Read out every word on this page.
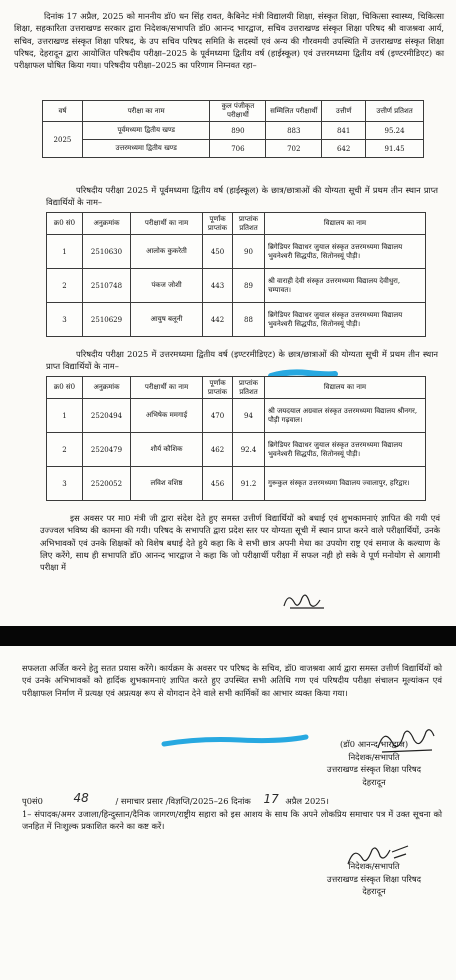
दिनांक 17 अप्रैल, 2025 को माननीय डॉ0 धन सिंह रावत, कैबिनेट मंत्री विद्यालयी शिक्षा, संस्कृत शिक्षा, चिकित्सा स्वास्थ्य, चिकित्सा शिक्षा, सहकारिता उत्तराखण्ड सरकार द्वारा निदेशक/सभापति डॉ0 आनन्द भारद्वाज, सचिव उत्तराखण्ड संस्कृत शिक्षा परिषद श्री वाजश्रवा आर्य, सचिव, उत्तराखण्ड संस्कृत शिक्षा परिषद, के उप सचिव परिषद समिति के सदस्यों एवं अन्य की गौरवमयी उपस्थिति में उत्तराखण्ड संस्कृत शिक्षा परिषद, देहरादून द्वारा आयोजित परिषदीय परीक्षा–2025 के पूर्वमध्यमा द्वितीय वर्ष (हाईस्कूल) एवं उत्तरमध्यमा द्वितीय वर्ष (इण्टरमीडिएट) का परीक्षाफल घोषित किया गया। परिषदीय परीक्षा–2025 का परिणाम निम्नवत रहा–

वर्ष	परीक्षा का नाम	कुल पंजीकृत परीक्षार्थी	सम्मिलित परीक्षार्थी	उत्तीर्ण	उत्तीर्ण प्रतिशत
2025	पूर्वमध्यमा द्वितीय खण्ड	890	883	841	95.24
	उत्तरमध्यमा द्वितीय खण्ड	706	702	642	91.45

परिषदीय परीक्षा 2025 में पूर्वमध्यमा द्वितीय वर्ष (हाईस्कूल) के छात्र/छात्राओं की योग्यता सूची में प्रथम तीन स्थान प्राप्त विद्यार्थियों के नाम–

क्र0 सं0	अनुक्रमांक	परीक्षार्थी का नाम	पूर्णांक प्राप्तांक	प्राप्तांक प्रतिशत	विद्यालय का नाम
1	2510630	आलोक कुकरेती	450	90	ब्रिगेडियर विद्याधर जुयाल संस्कृत उत्तरमध्यमा विद्यालय भुवनेश्वरी सिद्धपीठ, सितोनस्यूं पौड़ी।
2	2510748	पंकज जोशी	443	89	श्री वाराही देवी संस्कृत उत्तरमध्यमा विद्यालय देवीधुरा, चम्पावत।
3	2510629	आयुष बलूनी	442	88	ब्रिगेडियर विद्याधर जुयाल संस्कृत उत्तरमध्यमा विद्यालय भुवनेश्वरी सिद्धपीठ, सितोनस्यूं पौड़ी।

परिषदीय परीक्षा 2025 में उत्तरमध्यमा द्वितीय वर्ष (इण्टरमीडिएट) के छात्र/छात्राओं की योग्यता सूची में प्रथम तीन स्थान प्राप्त विद्यार्थियों के नाम–

क्र0 सं0	अनुक्रमांक	परीक्षार्थी का नाम	पूर्णांक प्राप्तांक	प्राप्तांक प्रतिशत	विद्यालय का नाम
1	2520494	अभिषेक ममगाई	470	94	श्री जयदयाल अग्रवाल संस्कृत उत्तरमध्यमा विद्यालय श्रीनगर, पौड़ी गढ़वाल।
2	2520479	शौर्य कौशिक	462	92.4	ब्रिगेडियर विद्याधर जुयाल संस्कृत उत्तरमध्यमा विद्यालय भुवनेश्वरी सिद्धपीठ, सितोनस्यूं पौड़ी।
3	2520052	लविश वशिष्ठ	456	91.2	गुरूकुल संस्कृत उत्तरमध्यमा विद्यालय ज्वालापुर, हरिद्वार।

इस अवसर पर मा0 मंत्री जी द्वारा संदेश देते हुए समस्त उत्तीर्ण विद्यार्थियों को बधाई एवं शुभकामनाएं ज्ञापित की गयी एवं उज्ज्वल भविष्य की कामना की गयी। परिषद के सभापति द्वारा प्रदेश स्तर पर योग्यता सूची में स्थान प्राप्त करने वाले परीक्षार्थियों, उनके अभिभावकों एवं उनके शिक्षकों को विशेष बधाई देते हुये कहा कि वे सभी छात्र अपनी मेधा का उपयोग राष्ट्र एवं समाज के कल्याण के लिए करेंगे, साथ ही सभापति डॉ0 आनन्द भारद्वाज ने कहा कि जो परीक्षार्थी परीक्षा में सफल नही हो सके वे पूर्ण मनोयोग से आगामी परीक्षा में

सफलता अर्जित करने हेतु सतत प्रयास करेंगे। कार्यक्रम के अवसर पर परिषद के सचिव, डॉ0 वाजश्रवा आर्य द्वारा समस्त उत्तीर्ण विद्यार्थियों को एवं उनके अभिभावकों को हार्दिक शुभकामनाएं ज्ञापित करते हुए उपस्थित सभी अतिथि गण एवं परिषदीय परीक्षा संचालन मूल्यांकन एवं परीक्षाफल निर्माण में प्रत्यक्ष एवं अप्रत्यक्ष रूप से योगदान देने वाले सभी कार्मिकों का आभार व्यक्त किया गया।

(डॉ0 आनन्द भारद्वाज)
निदेशक/सभापति
उत्तराखण्ड संस्कृत शिक्षा परिषद
देहरादून
पृ0सं0	48	/ समाचार प्रसार /विज्ञप्ति/2025–26 दिनांक 17 अप्रैल 2025।

1– संपादक/अमर उजाला/हिन्दुस्तान/दैनिक जागरण/राष्ट्रीय सहारा को इस आशय के साथ कि अपने लोकप्रिय समाचार पत्र में उक्त सूचना को जनहित में निःशुल्क प्रकाशित करने का कष्ट करें।

निदेशक/सभापति
उत्तराखण्ड संस्कृत शिक्षा परिषद
देहरादून
